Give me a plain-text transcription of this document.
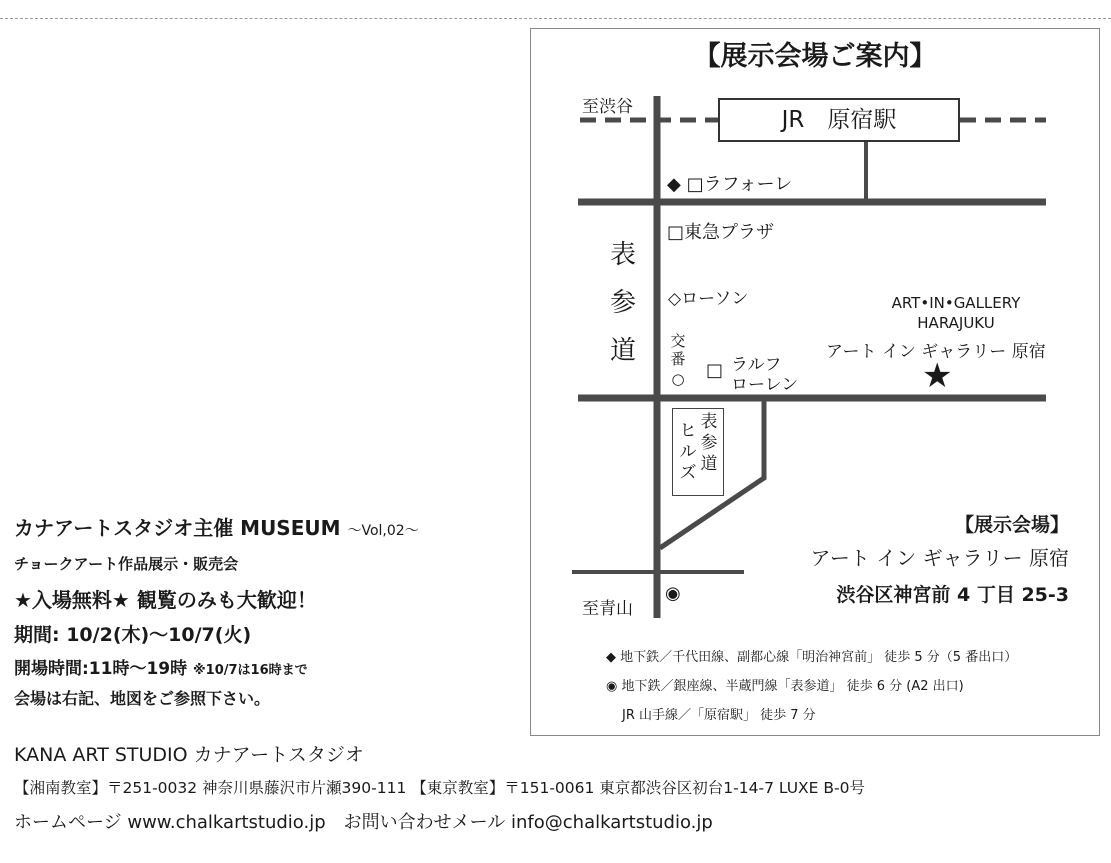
【展示会場ご案内】
JR　原宿駅
至渋谷
◆ □ラフォーレ
□東急プラザ
表
参
道
◇ローソン
交
番
○ □ ラルフ
ローレン
ヒ
ル
ズ
表
参
道
ART•IN•GALLERY
HARAJUKU
アート イン ギャラリー 原宿
★
◉
至青山
【展示会場】
アート イン ギャラリー 原宿
渋谷区神宮前 4 丁目 25-3
◆ 地下鉄／千代田線、副都心線「明治神宮前」 徒歩 5 分（5 番出口）
◉ 地下鉄／銀座線、半蔵門線「表参道」 徒歩 6 分 (A2 出口)
JR 山手線／「原宿駅」 徒歩 7 分
カナアートスタジオ主催 MUSEUM ～Vol,02～
チョークアート作品展示・販売会
★入場無料★ 観覧のみも大歓迎！
期間: 10/2(木)～10/7(火)
開場時間:11時～19時 ※10/7は16時まで
会場は右記、地図をご参照下さい。
KANA ART STUDIO カナアートスタジオ
【湘南教室】〒251-0032 神奈川県藤沢市片瀬390-111 【東京教室】〒151-0061 東京都渋谷区初台1-14-7 LUXE B-0号
ホームページ www.chalkartstudio.jp　お問い合わせメール info@chalkartstudio.jp
